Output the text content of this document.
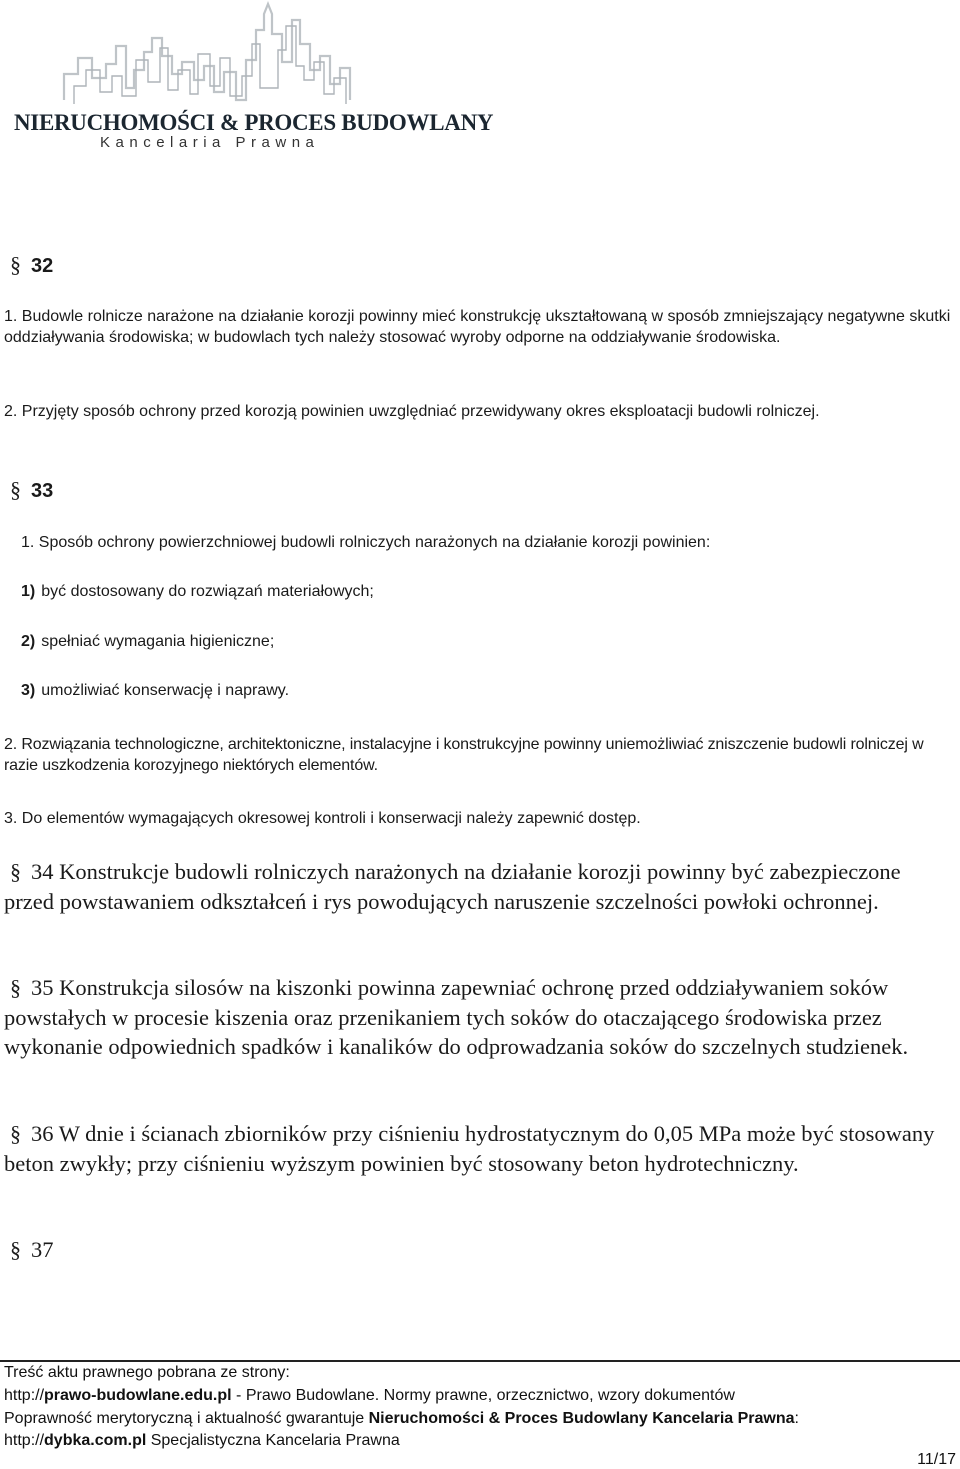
NIERUCHOMOŚCI & PROCES BUDOWLANY
Kancelaria Prawna
§ 32
1. Budowle rolnicze narażone na działanie korozji powinny mieć konstrukcję ukształtowaną w sposób zmniejszający negatywne skutki oddziaływania środowiska; w budowlach tych należy stosować wyroby odporne na oddziaływanie środowiska.
2. Przyjęty sposób ochrony przed korozją powinien uwzględniać przewidywany okres eksploatacji budowli rolniczej.
§ 33
1. Sposób ochrony powierzchniowej budowli rolniczych narażonych na działanie korozji powinien:
1) być dostosowany do rozwiązań materiałowych;
2) spełniać wymagania higieniczne;
3) umożliwiać konserwację i naprawy.
2. Rozwiązania technologiczne, architektoniczne, instalacyjne i konstrukcyjne powinny uniemożliwiać zniszczenie budowli rolniczej w razie uszkodzenia korozyjnego niektórych elementów.
3. Do elementów wymagających okresowej kontroli i konserwacji należy zapewnić dostęp.
§ 34 Konstrukcje budowli rolniczych narażonych na działanie korozji powinny być zabezpieczone przed powstawaniem odkształceń i rys powodujących naruszenie szczelności powłoki ochronnej.
§ 35 Konstrukcja silosów na kiszonki powinna zapewniać ochronę przed oddziaływaniem soków powstałych w procesie kiszenia oraz przenikaniem tych soków do otaczającego środowiska przez wykonanie odpowiednich spadków i kanalików do odprowadzania soków do szczelnych studzienek.
§ 36 W dnie i ścianach zbiorników przy ciśnieniu hydrostatycznym do 0,05 MPa może być stosowany beton zwykły; przy ciśnieniu wyższym powinien być stosowany beton hydrotechniczny.
§ 37
Treść aktu prawnego pobrana ze strony:
http://prawo-budowlane.edu.pl - Prawo Budowlane. Normy prawne, orzecznictwo, wzory dokumentów
Poprawność merytoryczną i aktualność gwarantuje Nieruchomości & Proces Budowlany Kancelaria Prawna:
http://dybka.com.pl Specjalistyczna Kancelaria Prawna
11/17
